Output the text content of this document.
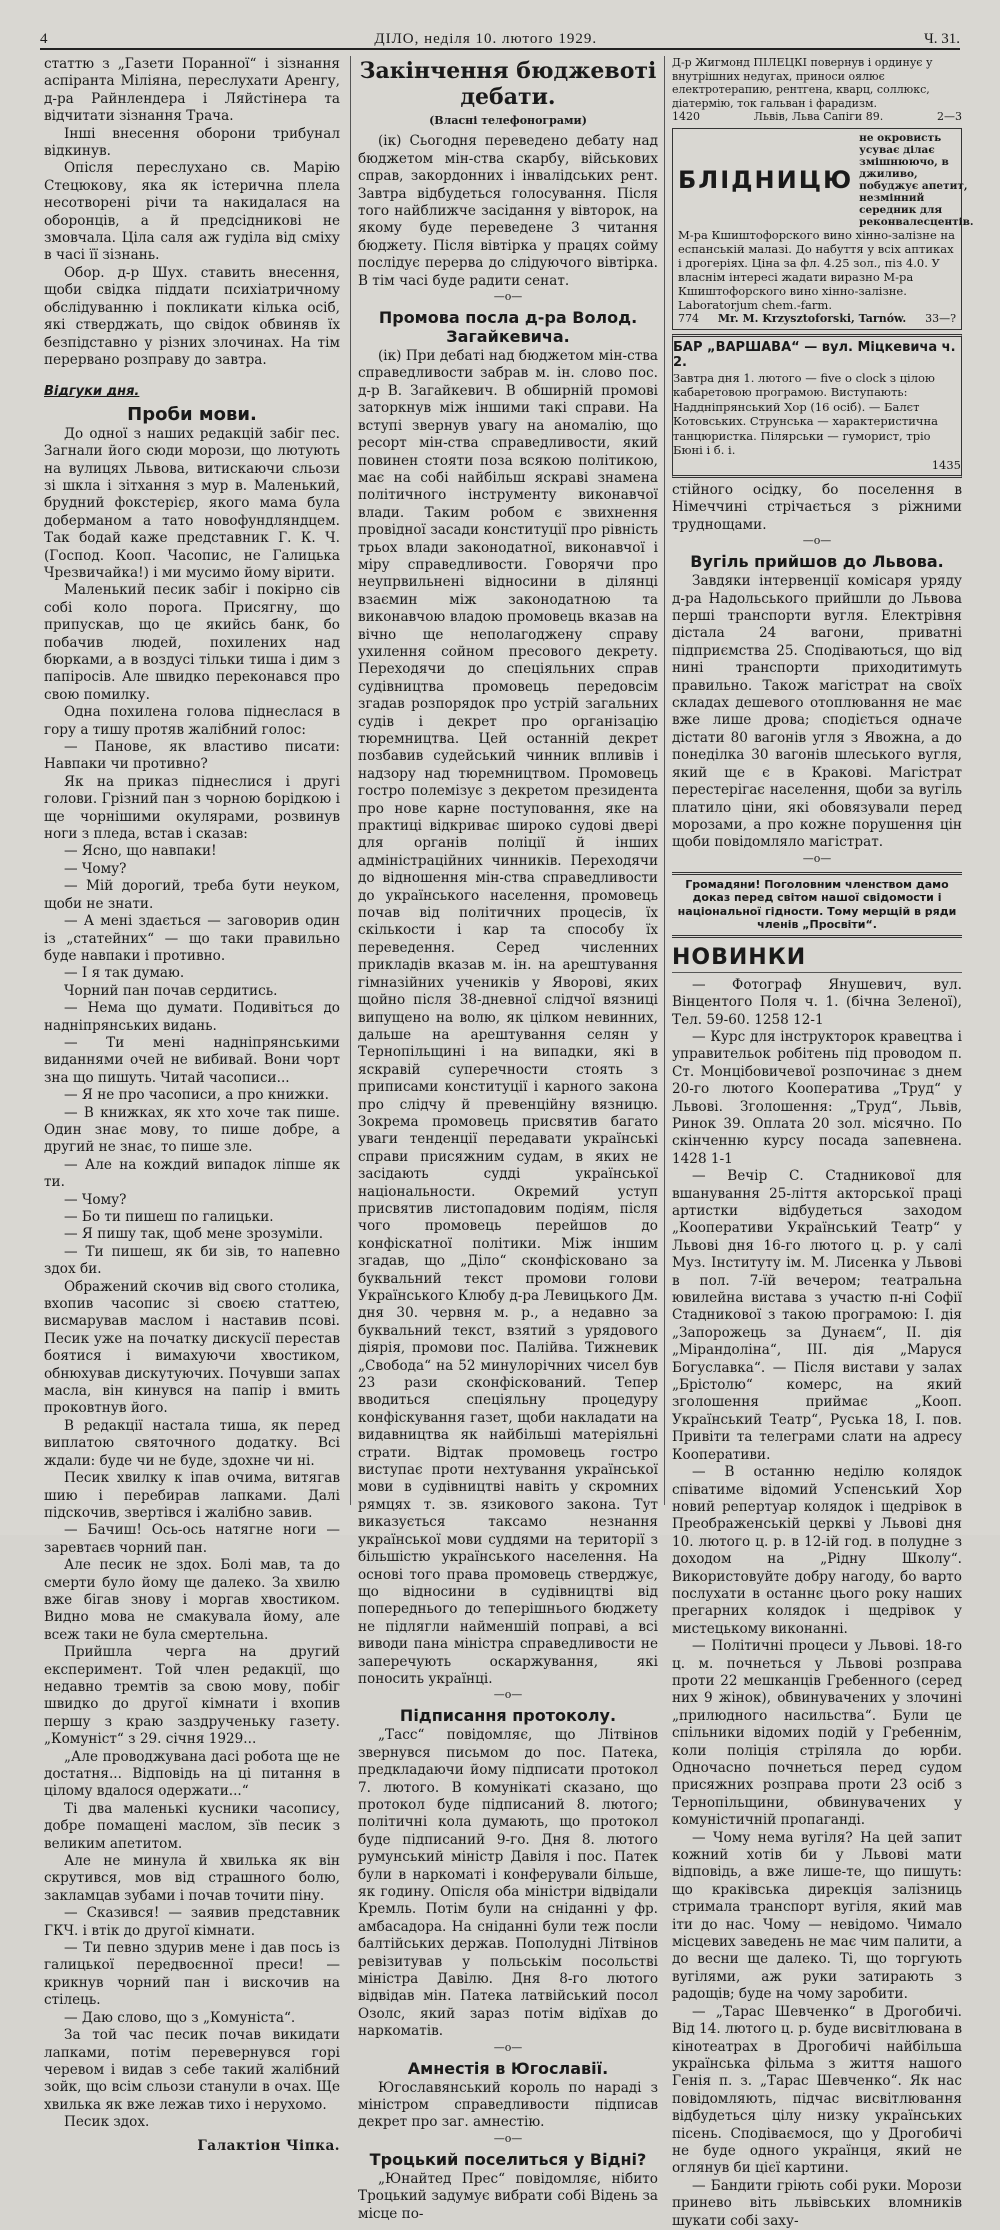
4	ДІЛО, неділя 10. лютого 1929.	Ч. 31.

статтю з „Газети Поранної“ і зізнання аспіранта Міліяна, переслухати Аренгу, д-ра Райнлендера і Ляйстінера та відчитати зізнання Трача.

Інші внесення оборони трибунал відкинув.

Опісля переслухано св. Марію Стецюкову, яка як істерична плела несотворені річи та накидалася на оборонців, а й предсідникові не змовчала. Ціла саля аж гуділа від сміху в часі її зізнань.

Обор. д-р Шух. ставить внесення, щоби свідка піддати психіатричному обслідуванню і покликати кілька осіб, які стверджать, що свідок обвиняв їх безпідставно у різних злочинах. На тім перервано розправу до завтра.

Відгуки дня.
Проби мови.

До одної з наших редакцій забіг пес. Загнали його сюди морози, що лютують на вулицях Львова, витискаючи сльози зі шкла і зітхання з мур в. Маленький, брудний фокстерієр, якого мама була доберманом а тато новофундляндцем. Так бодай каже представник Г. К. Ч. (Господ. Кооп. Часопис, не Галицька Чрезвичайка!) і ми мусимо йому вірити.

Маленький песик забіг і покірно сів собі коло порога. Присягну, що припускав, що це якийсь банк, бо побачив людей, похилених над бюрками, а в воздусі тільки тиша і дим з папіросів. Але швидко переконався про свою помилку.

Одна похилена голова піднеслася в гору а тишу протяв жалібний голос:

— Панове, як властиво писати: Навпаки чи противно?

Як на приказ піднеслися і другі голови. Грізний пан з чорною борідкою і ще чорнішими окулярами, розвинув ноги з пледа, встав і сказав:

— Ясно, що навпаки!

— Чому?

— Мій дорогий, треба бути неуком, щоби не знати.

— А мені здається — заговорив один із „статейних“ — що таки правильно буде навпаки і противно.

— І я так думаю.

Чорний пан почав сердитись.

— Нема що думати. Подивіться до надніпрянських видань.

— Ти мені надніпрянськими виданнями очей не вибивай. Вони чорт зна що пишуть. Читай часописи...

— Я не про часописи, а про книжки.

— В книжках, як хто хоче так пише. Один знає мову, то пише добре, а другий не знає, то пише зле.

— Але на кождий випадок ліпше як ти.

— Чому?

— Бо ти пишеш по галицьки.

— Я пишу так, щоб мене зрозуміли.

— Ти пишеш, як би зів, то напевно здох би.

Ображений скочив від свого столика, вхопив часопис зі своєю статтею, висмарував маслом і наставив псові. Песик уже на початку дискусії перестав боятися і вимахуючи хвостиком, обнюхував дискутуючих. Почувши запах масла, він кинувся на папір і вмить проковтнув його.

В редакції настала тиша, як перед виплатою святочного додатку. Всі ждали: буде чи не буде, здохне чи ні.

Песик хвилку к іпав очима, витягав шию і перебирав лапками. Далі підскочив, звертівся і жалібно завив.

— Бачиш! Ось-ось натягне ноги — заревтаєв чорний пан.

Але песик не здох. Болі мав, та до смерти було йому ще далеко. За хвилю вже бігав знову і моргав хвостиком. Видно мова не смакувала йому, але всеж таки не була смертельна.

Прийшла черга на другий експеримент. Той член редакції, що недавно тремтів за свою мову, побіг швидко до другої кімнати і вхопив першу з краю заздрученьку газету. „Комуніст“ з 29. січня 1929...

„Але проводжувана дасі робота ще не достатня... Відповідь на ці питання в цілому вдалося одержати...“

Ті два маленькі кусники часопису, добре помащені маслом, зїв песик з великим апетитом.

Але не минула й хвилька як він скрутився, мов від страшного болю, закламцав зубами і почав точити піну.

— Сказився! — заявив представник ГКЧ. і втік до другої кімнати.

— Ти певно здурив мене і дав пось із галицької передвоєнної преси! — крикнув чорний пан і вискочив на стілець.

— Даю слово, що з „Комуніста“.

За той час песик почав викидати лапками, потім перевернувся горі черевом і видав з себе такий жалібний зойк, що всім сльози станули в очах. Ще хвилька як вже лежав тихо і нерухомо.

Песик здох.

Галактіон Чіпка.
Закінчення бюджевоті дебати.
(Власні телефонограми)

(ік) Сьогодня переведено дебату над бюджетом мін-ства скарбу, військових справ, закордонних і інвалідських рент. Завтра відбудеться голосування. Після того найближче засідання у вівторок, на якому буде переведене 3 читання бюджету. Після вівтірка у працях сойму послідує перерва до слідуючого вівтірка. В тім часі буде радити сенат.

—о—
Промова посла д-ра Волод. Загайкевича.

(ік) При дебаті над бюджетом мін-ства справедливости забрав м. ін. слово пос. д-р В. Загайкевич. В обширній промові заторкнув між іншими такі справи. На вступі звернув увагу на аномалію, що ресорт мін-ства справедливости, який повинен стояти поза всякою політикою, має на собі найбільш яскраві знамена політичного інструменту виконавчої влади. Таким робом є звихнення провідної засади конституції про рівність трьох влади законодатної, виконавчої і міру справедливости. Говорячи про неупрвильнені відносини в ділянці взаємин між законодатною та виконавчою владою промовець вказав на вічно ще неполагоджену справу ухилення сойном пресового декрету. Переходячи до спеціяльних справ судівництва промовець передовсім згадав розпорядок про устрій загальних судів і декрет про організацію тюремництва. Цей останній декрет позбавив судейський чинник впливів і надзору над тюремництвом. Промовець гостро полемізує з декретом президента про нове карне поступовання, яке на практиці відкриває широко судові двері для органів поліції й інших адміністраційних чинників. Переходячи до відношення мін-ства справедливости до українського населення, промовець почав від політичних процесів, їх скількости і кар та способу їх переведення. Серед численних прикладів вказав м. ін. на арештування гімназійних учеників у Яворові, яких щойно після 38-дневної слідчої вязниці випущено на волю, як цілком невинних, дальше на арештування селян у Тернопільщині і на випадки, які в яскравій суперечности стоять з приписами конституції і карного закона про слідчу й превенційну вязницю. Зокрема промовець присвятив багато уваги тенденції передавати українські справи присяжним судам, в яких не засідають судді української національности. Окремий уступ присвятив листопадовим подіям, після чого промовець перейшов до конфіскатної політики. Між іншим згадав, що „Діло“ сконфісковано за буквальний текст промови голови Українського Клюбу д-ра Левицького Дм. дня 30. червня м. р., а недавно за буквальний текст, взятий з урядового діярія, промови пос. Палійва. Тижневик „Свобода“ на 52 минулорічних чисел був 23 рази сконфіскований. Тепер вводиться спеціяльну процедуру конфіскування газет, щоби накладати на видавництва як найбільші матеріяльні страти. Відтак промовець гостро виступає проти нехтування української мови в судівництві навіть у скромних рямцях т. зв. язикового закона. Тут виказується таксамо незнання української мови суддями на території з більшістю українського населення. На основі того права промовець стверджує, що відносини в судівництві від попереднього до теперішнього бюджету не підлягли найменшій поправі, а всі виводи пана міністра справедливости не заперечують оскаржування, які поносить українці.

—о—
Підписання протоколу.

„Тасс“ повідомляє, що Літвінов звернувся письмом до пос. Патека, предкладаючи йому підписати протокол 7. лютого. В комунікаті сказано, що протокол буде підписаний 8. лютого; політичні кола думають, що протокол буде підписаний 9-го. Дня 8. лютого румунський міністр Давіля і пос. Патек були в наркоматі і конферували більше, як годину. Опісля оба міністри відвідали Кремль. Потім були на сніданні у фр. амбасадора. На сніданні були теж посли балтійських держав. Пополудні Літвінов ревізитував у польськім посольстві міністра Давілю. Дня 8-го лютого відвідав мін. Патека латвійський посол Озолс, який зараз потім відїхав до наркоматів.

—о—
Амнестія в Югославії.

Югославянський король по нараді з міністром справедливости підписав декрет про заг. амнестію.

—о—
Троцький поселиться у Відні?

„Юнайтед Прес“ повідомляє, нібито Троцький задумує вибрати собі Відень за місце по-

Д-р Жигмонд ПІЛЕЦКІ повернув і ординує у внутрішних недугах, приноси оялює електротерапию, рентгена, кварц, соллюкс, діатермію, ток гальван і фарадизм.
1420	Львів, Льва Сапіги 89.	2—3
БЛІДНИЦЮ
не окровисть усуває ділає змішнюючо, в джиливо, побуджує апетит, незмінний середник для реконвалесцентів.
М-ра Кшиштофорского вино хінно-залізне на еспанській малазі. До набуття у всіх аптиках і дрогеріях. Ціна за фл. 4.25 зол., піз 4.0. У власнім інтересі жадати виразно М-ра Кшиштофорского вино хінно-залізне. Laboratorjum chem.-farm.
774 Mr. M. Krzysztoforski, Tarnów. 33—?
БАР „ВАРШАВА“ — вул. Міцкевича ч. 2.
Завтра дня 1. лютого — five o clock з цілою кабаретовою програмою. Виступають: Наддніпрянський Хор (16 осіб). — Балєт Котовських. Струнська — характеристична танцюристка. Пілярськи — гуморист, тріо Бюні і б. і.
1435

стійного осідку, бо поселення в Німеччині стрічається з ріжними труднощами.

—о—
Вугіль прийшов до Львова.

Завдяки інтервенції комісаря уряду д-ра Надольського прийшли до Львова перші транспорти вугля. Електрівня дістала 24 вагони, приватні підприємства 25. Сподіваються, що від нині транспорти приходитимуть правильно. Також магістрат на своїх складах дешевого отоплювання не має вже лише дрова; сподіється одначе дістати 80 вагонів угля з Явожна, а до понеділка 30 вагонів шлеського вугля, який ще є в Кракові. Магістрат перестерігає населення, щоби за вугіль платило ціни, які обовязували перед морозами, а про кожне порушення цін щоби повідомляло магістрат.

—о—
Громадяни! Поголовним членством дамо доказ перед світом нашої свідомости і національної гідности. Тому мерщій в ряди членів „Просвіти“.
НОВИНКИ

— Фотограф Янушевич, вул. Вінцентого Поля ч. 1. (бічна Зеленої), Тел. 59-60. 1258 12-1

— Курс для інструкторок кравецтва і управительок робітень під проводом п. Ст. Монцібовичевої розпочинає з днем 20-го лютого Кооператива „Труд“ у Львові. Зголошення: „Труд“, Львів, Ринок 39. Оплата 20 зол. місячно. По скінченню курсу посада запевнена. 1428 1-1

— Вечір С. Стадникової для вшанування 25-ліття акторської праці артистки відбудеться заходом „Кооперативи Український Театр“ у Львові дня 16-го лютого ц. р. у салі Муз. Інституту ім. М. Лисенка у Львові в пол. 7-їй вечером; театральна ювилейна вистава з участю п-ні Софії Стадникової з такою програмою: I. дія „Запорожець за Дунаєм“, II. дія „Мірандоліна“, III. дія „Маруся Богуславка“. — Після вистави у залах „Брістолю“ комерс, на який зголошення приймає „Кооп. Український Театр“, Руська 18, I. пов. Привіти та телеграми слати на адресу Кооперативи.

— В останню неділю колядок співатиме відомий Успенський Хор новий репертуар колядок і щедрівок в Преображенській церкві у Львові дня 10. лютого ц. р. в 12-ій год. в полудне з доходом на „Рідну Школу“. Використовуйте добру нагоду, бо варто послухати в останнє цього року наших прегарних колядок і щедрівок у мистецькому виконанні.

— Політичні процеси у Львові. 18-го ц. м. почнеться у Львові розправа проти 22 мешканців Гребенного (серед них 9 жінок), обвинувачених у злочині „прилюдного насильства“. Були це спільники відомих подій у Гребеннім, коли поліція стріляла до юрби. Одночасно почнеться перед судом присяжних розправа проти 23 осіб з Тернопільщини, обвинувачених у комуністичній пропаганді.

— Чому нема вугіля? На цей запит кожний хотів би у Львові мати відповідь, а вже лише-те, що пишуть: що краківська дирекція залізниць стримала транспорт вугіля, який мав іти до нас. Чому — невідомо. Чимало місцевих заведень не має чим палити, а до весни ще далеко. Ті, що торгують вугілями, аж руки затирають з радощів; буде на чому заробити.

— „Тарас Шевченко“ в Дрогобичі. Від 14. лютого ц. р. буде висвітлювана в кінотеатрах в Дрогобичі найбільша українська фільма з життя нашого Генія п. з. „Тарас Шевченко“. Як нас повідомляють, підчас висвітлювання відбудеться цілу низку українських пісень. Сподіваємося, що у Дрогобичі не буде одного українця, який не оглянув би цієї картини.

— Бандити гріють собі руки. Морози принево віть львівських вломників шукати собі заху-
